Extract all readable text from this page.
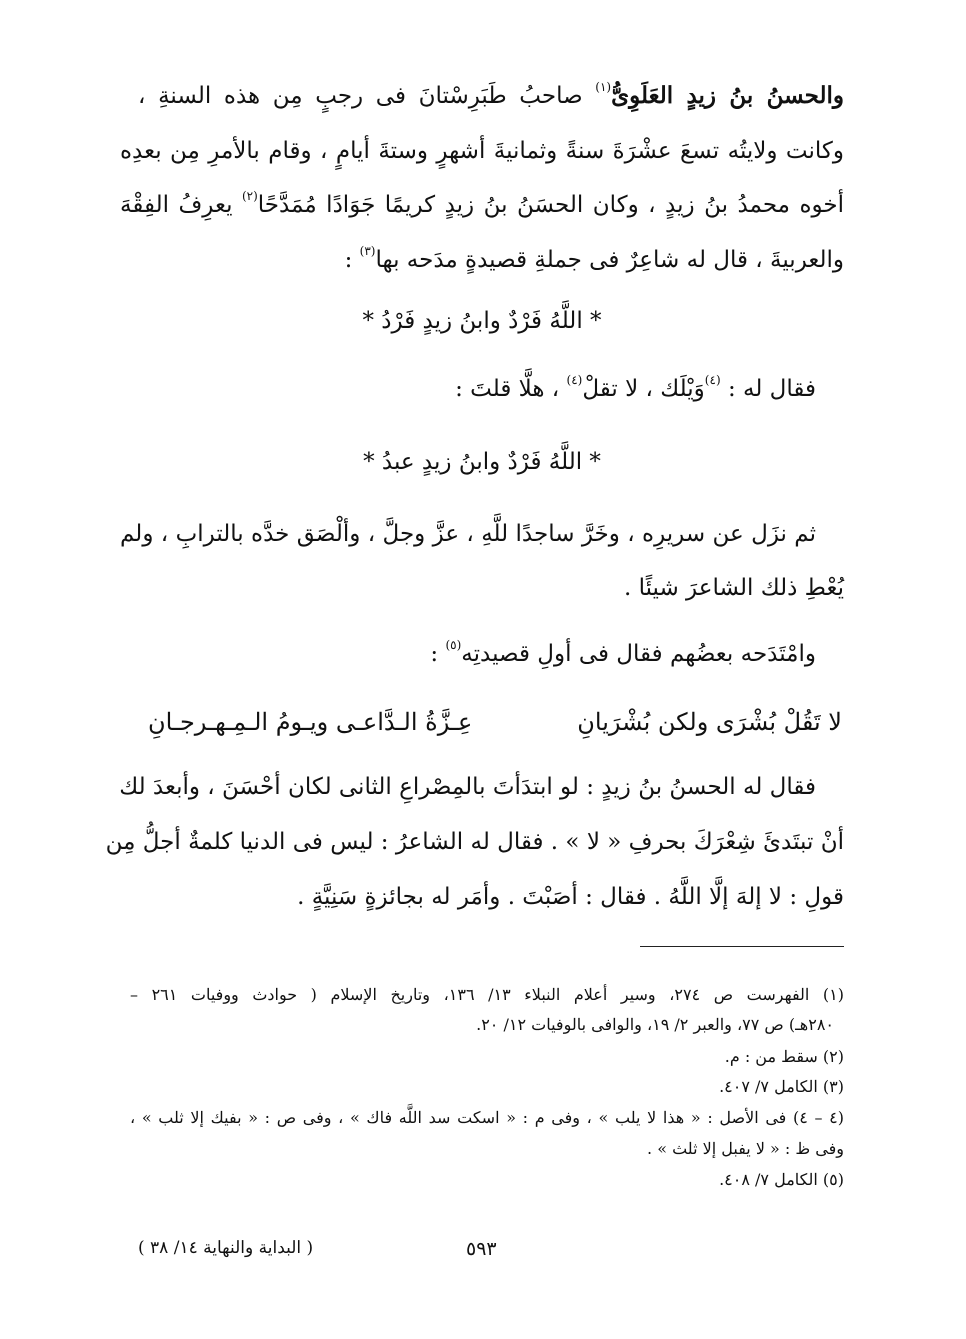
والحسنُ بنُ زيدٍ العَلَوِىُّ$^{(١)}$ صاحبُ طَبَرِسْتانَ فى رجبٍ مِن هذه السنةِ ،
وكانت ولايتُه تسعَ عشْرَةَ سنةً وثمانيةَ أشهرٍ وستةَ أيامٍ ، وقام بالأمرِ مِن بعدِه
أخوه محمدُ بنُ زيدٍ ، وكان الحسَنُ بنُ زيدٍ كريمًا جَوَادًا مُمَدَّحًا$^{(٢)}$ يعرِفُ الفِقْهَ
والعربيةَ ، قال له شاعِرٌ فى جملةِ قصيدةٍ مدَحه بها$^{(٣)}$ :
* اللَّهُ فَرْدٌ وابنُ زيدٍ فَرْدُ *
فقال له : $^{(٤)}$وَيْلَك ، لا تقلْ$^{(٤)}$ ، هلَّا قلتَ :
* اللَّهُ فَرْدٌ وابنُ زيدٍ عبدُ *
ثم نزَل عن سريرِه ، وخَرَّ ساجدًا للَّهِ ، عزَّ وجلَّ ، وألْصَق خدَّه بالترابِ ، ولم
يُعْطِ ذلك الشاعرَ شيئًا .
وامْتَدَحه بعضُهم فقال فى أولِ قصيدتِه$^{(٥)}$ :
لا تَقُلْ بُشْرَى ولكن بُشْرَيانِ
عِـزَّةُ الـدَّاعـى ويـومُ الـمِـهـرجـانِ
فقال له الحسنُ بنُ زيدٍ : لو ابتدَأتَ بالمِصْراعِ الثانى لكان أحْسَنَ ، وأبعدَ لك
أنْ تبتَدئَ شِعْرَكَ بحرفِ « لا » . فقال له الشاعرُ : ليس فى الدنيا كلمةٌ أجلُّ مِن
قولِ : لا إلهَ إلَّا اللَّهُ . فقال : أصَبْتَ . وأمَر له بجائزةٍ سَنِيَّةٍ .
(١) الفهرست ص ٢٧٤، وسير أعلام النبلاء ١٣/ ١٣٦، وتاريخ الإسلام ( حوادث ووفيات ٢٦١ –
٢٨٠هـ) ص ٧٧، والعبر ٢/ ١٩، والوافى بالوفيات ١٢/ ٢٠.
(٢) سقط من : م.
(٣) الكامل ٧/ ٤٠٧.
(٤ – ٤) فى الأصل : « هذا لا يلب » ، وفى م : « اسكت سد اللَّه فاك » ، وفى ص : « بفيك إلا ثلب » ،
وفى ظ : « لا يفبل إلا ثلث » .
(٥) الكامل ٧/ ٤٠٨.
( البداية والنهاية ١٤/ ٣٨ )	٥٩٣
